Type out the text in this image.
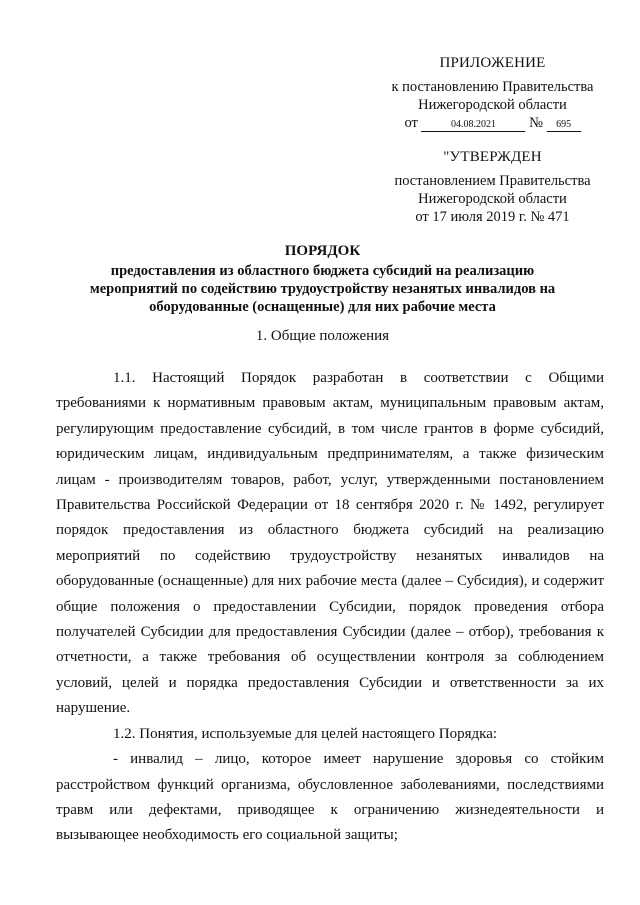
ПРИЛОЖЕНИЕ
к постановлению Правительства
Нижегородской области
от	04.08.2021 № 695
"УТВЕРЖДЕН
постановлением Правительства
Нижегородской области
от 17 июля 2019 г. № 471
ПОРЯДОК
предоставления из областного бюджета субсидий на реализацию
мероприятий по содействию трудоустройству незанятых инвалидов на
оборудованные (оснащенные) для них рабочие места
1. Общие положения

1.1. Настоящий Порядок разработан в соответствии с Общими требованиями к нормативным правовым актам, муниципальным правовым актам, регулирующим предоставление субсидий, в том числе грантов в форме субсидий, юридическим лицам, индивидуальным предпринимателям, а также физическим лицам - производителям товаров, работ, услуг, утвержденными постановлением Правительства Российской Федерации от 18 сентября 2020 г. № 1492, регулирует порядок предоставления из областного бюджета субсидий на реализацию мероприятий по содействию трудоустройству незанятых инвалидов на оборудованные (оснащенные) для них рабочие места (далее – Субсидия), и содержит общие положения о предоставлении Субсидии, порядок проведения отбора получателей Субсидии для предоставления Субсидии (далее – отбор), требования к отчетности, а также требования об осуществлении контроля за соблюдением условий, целей и порядка предоставления Субсидии и ответственности за их нарушение.

1.2. Понятия, используемые для целей настоящего Порядка:

- инвалид – лицо, которое имеет нарушение здоровья со стойким расстройством функций организма, обусловленное заболеваниями, последствиями травм или дефектами, приводящее к ограничению жизнедеятельности и вызывающее необходимость его социальной защиты;
